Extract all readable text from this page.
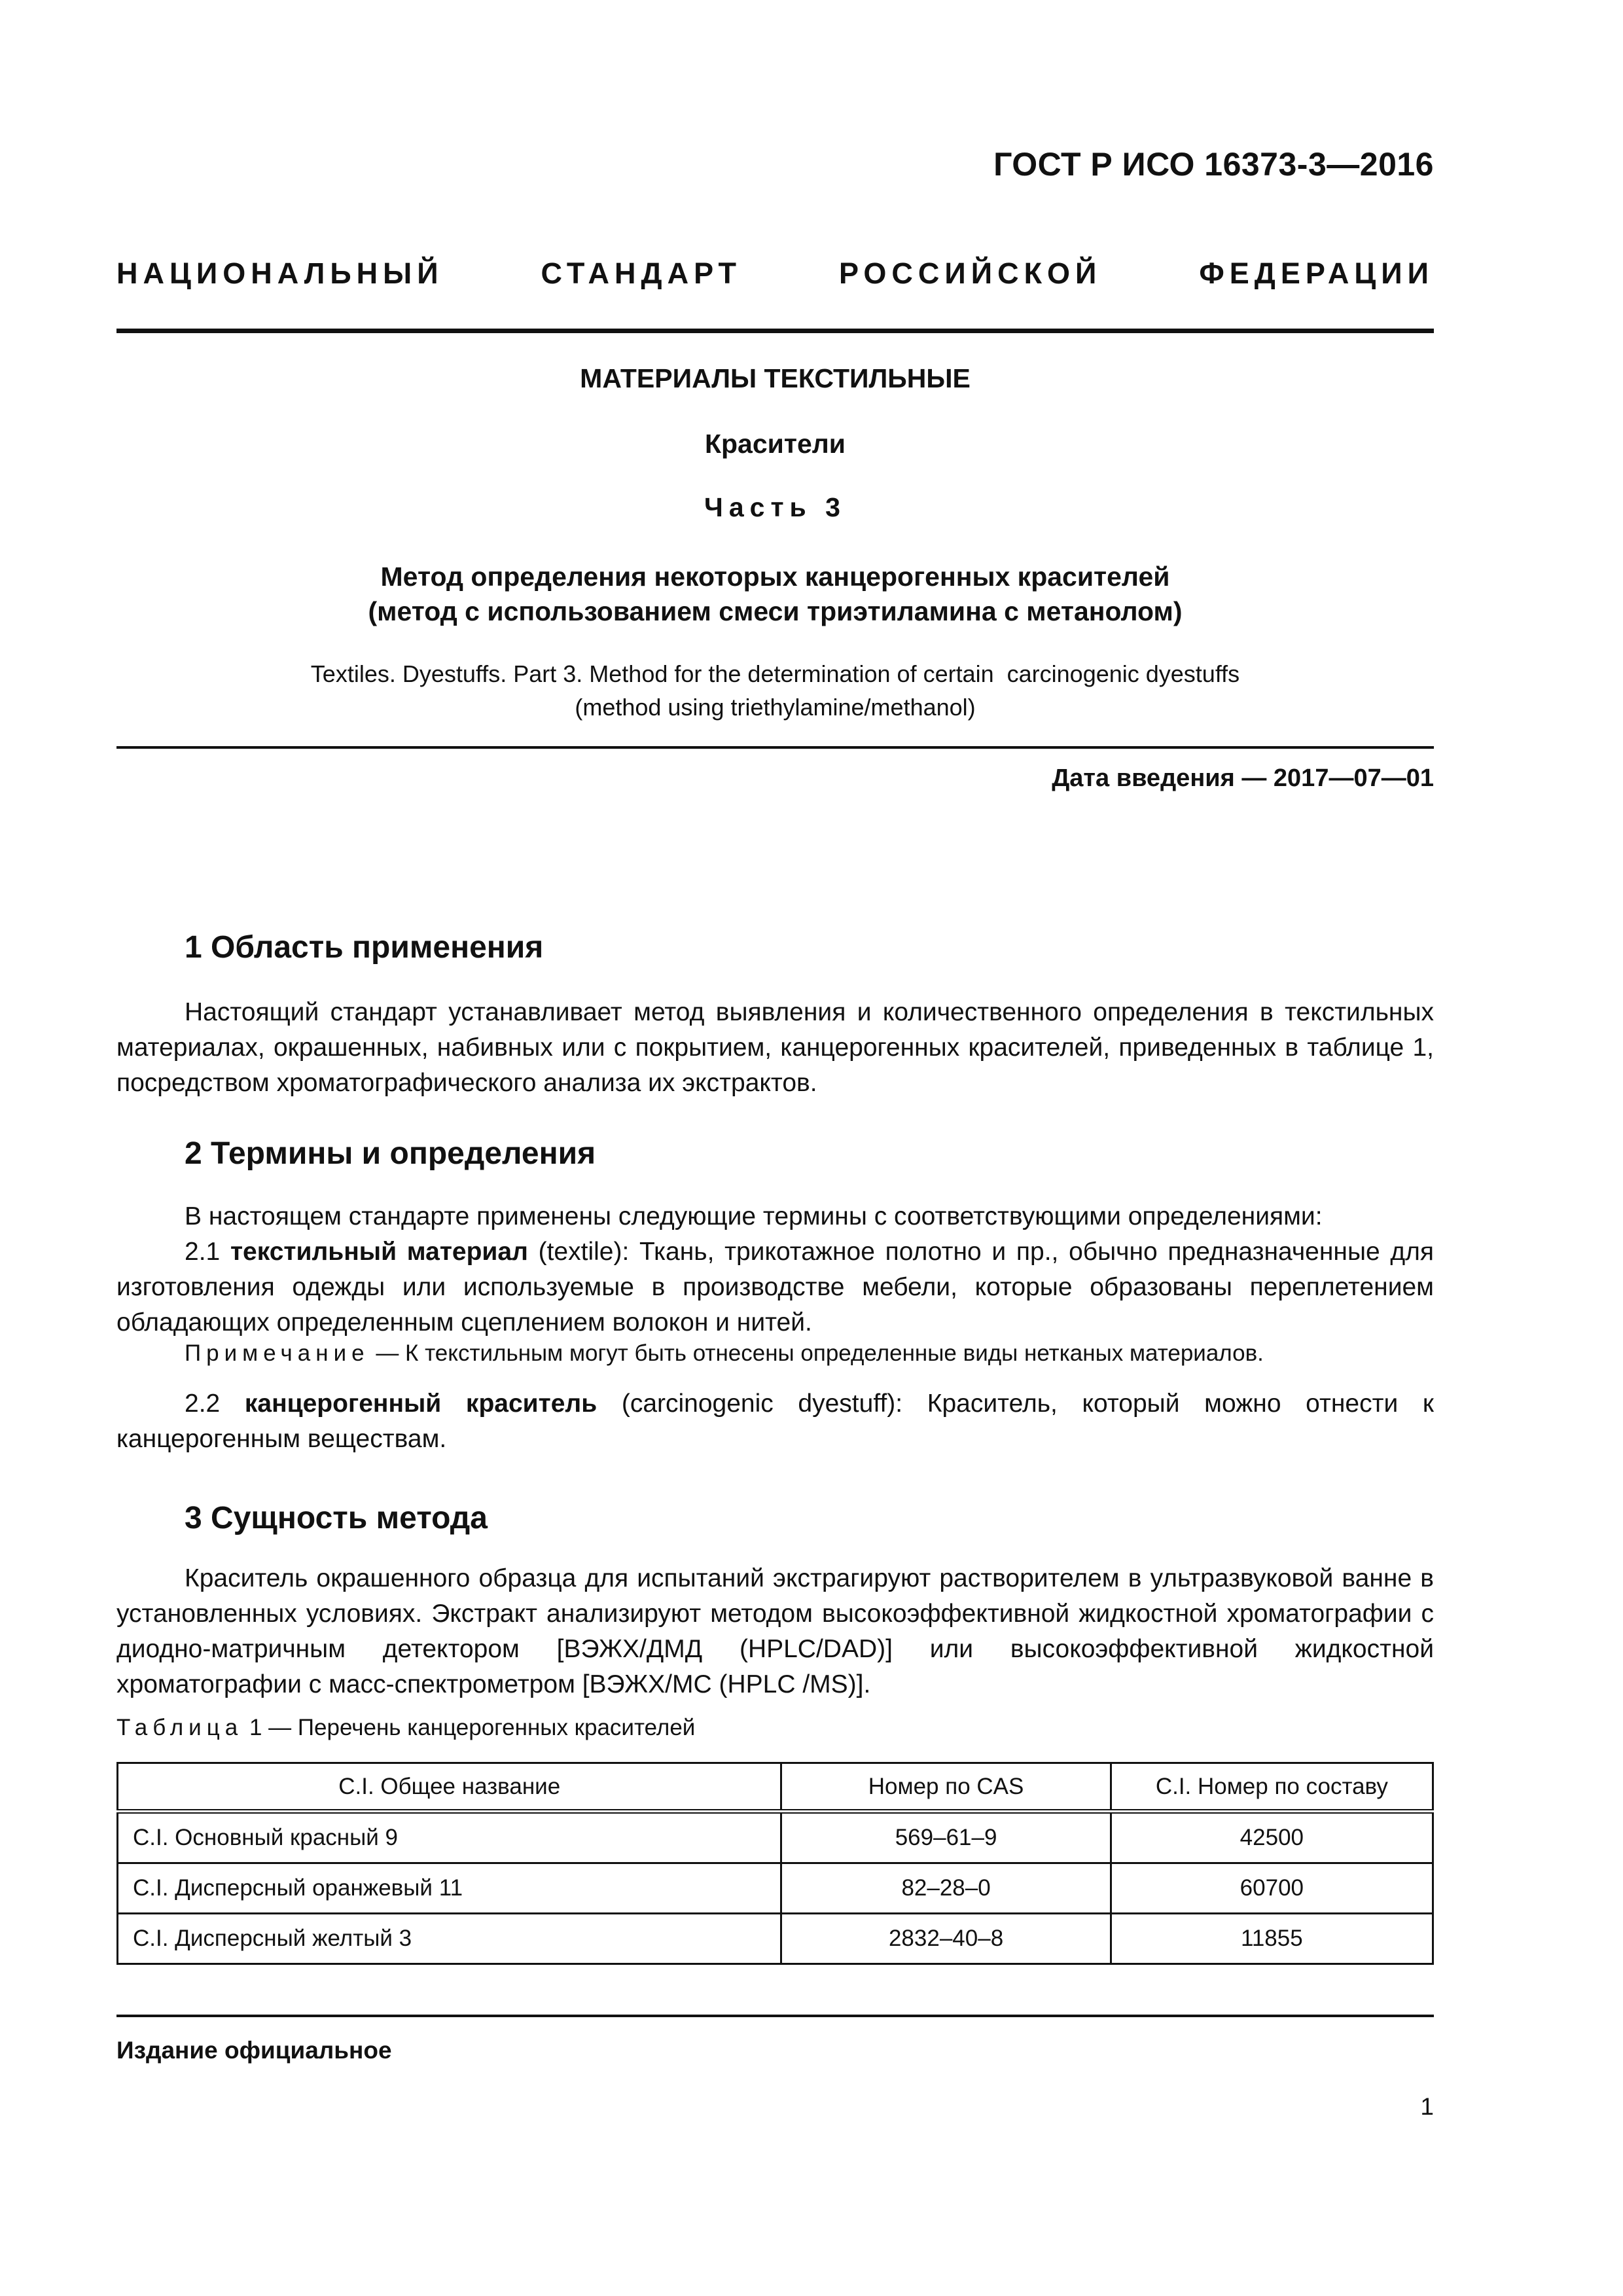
ГОСТ Р ИСО 16373-3—2016
НАЦИОНАЛЬНЫЙ	СТАНДАРТ	РОССИЙСКОЙ	ФЕДЕРАЦИИ
МАТЕРИАЛЫ ТЕКСТИЛЬНЫЕ
Красители
Часть 3
Метод определения некоторых канцерогенных красителей
(метод с использованием смеси триэтиламина с метанолом)
Textiles. Dyestuffs. Part 3. Method for the determination of certain  carcinogenic dyestuffs
(method using triethylamine/methanol)
Дата введения — 2017—07—01
1 Область применения

Настоящий стандарт устанавливает метод выявления и количественного определения в текстильных материалах, окрашенных, набивных или с покрытием, канцерогенных красителей, приведенных в таблице 1, посредством хроматографического анализа их экстрактов.

2 Термины и определения

В настоящем стандарте применены следующие термины с соответствующими определениями:

2.1 текстильный материал (textile): Ткань, трикотажное полотно и пр., обычно предназначенные для изготовления одежды или используемые в производстве мебели, которые образованы переплетением обладающих определенным сцеплением волокон и нитей.

Примечание — К текстильным могут быть отнесены определенные виды нетканых материалов.

2.2 канцерогенный краситель (carcinogenic dyestuff): Краситель, который можно отнести к канцерогенным веществам.

3 Сущность метода

Краситель окрашенного образца для испытаний экстрагируют растворителем в ультразвуковой ванне в установленных условиях. Экстракт анализируют методом высокоэффективной жидкостной хроматографии с диодно-матричным детектором [ВЭЖХ/ДМД (HPLC/DAD)] или высокоэффективной жидкостной хроматографии с масс-спектрометром [ВЭЖХ/МС (HPLC /MS)].

Таблица 1 — Перечень канцерогенных красителей
C.I. Общее название	Номер по CAS	C.I. Номер по составу
C.I. Основный красный 9	569–61–9	42500
C.I. Дисперсный оранжевый 11	82–28–0	60700
C.I. Дисперсный желтый 3	2832–40–8	11855
Издание официальное
1
